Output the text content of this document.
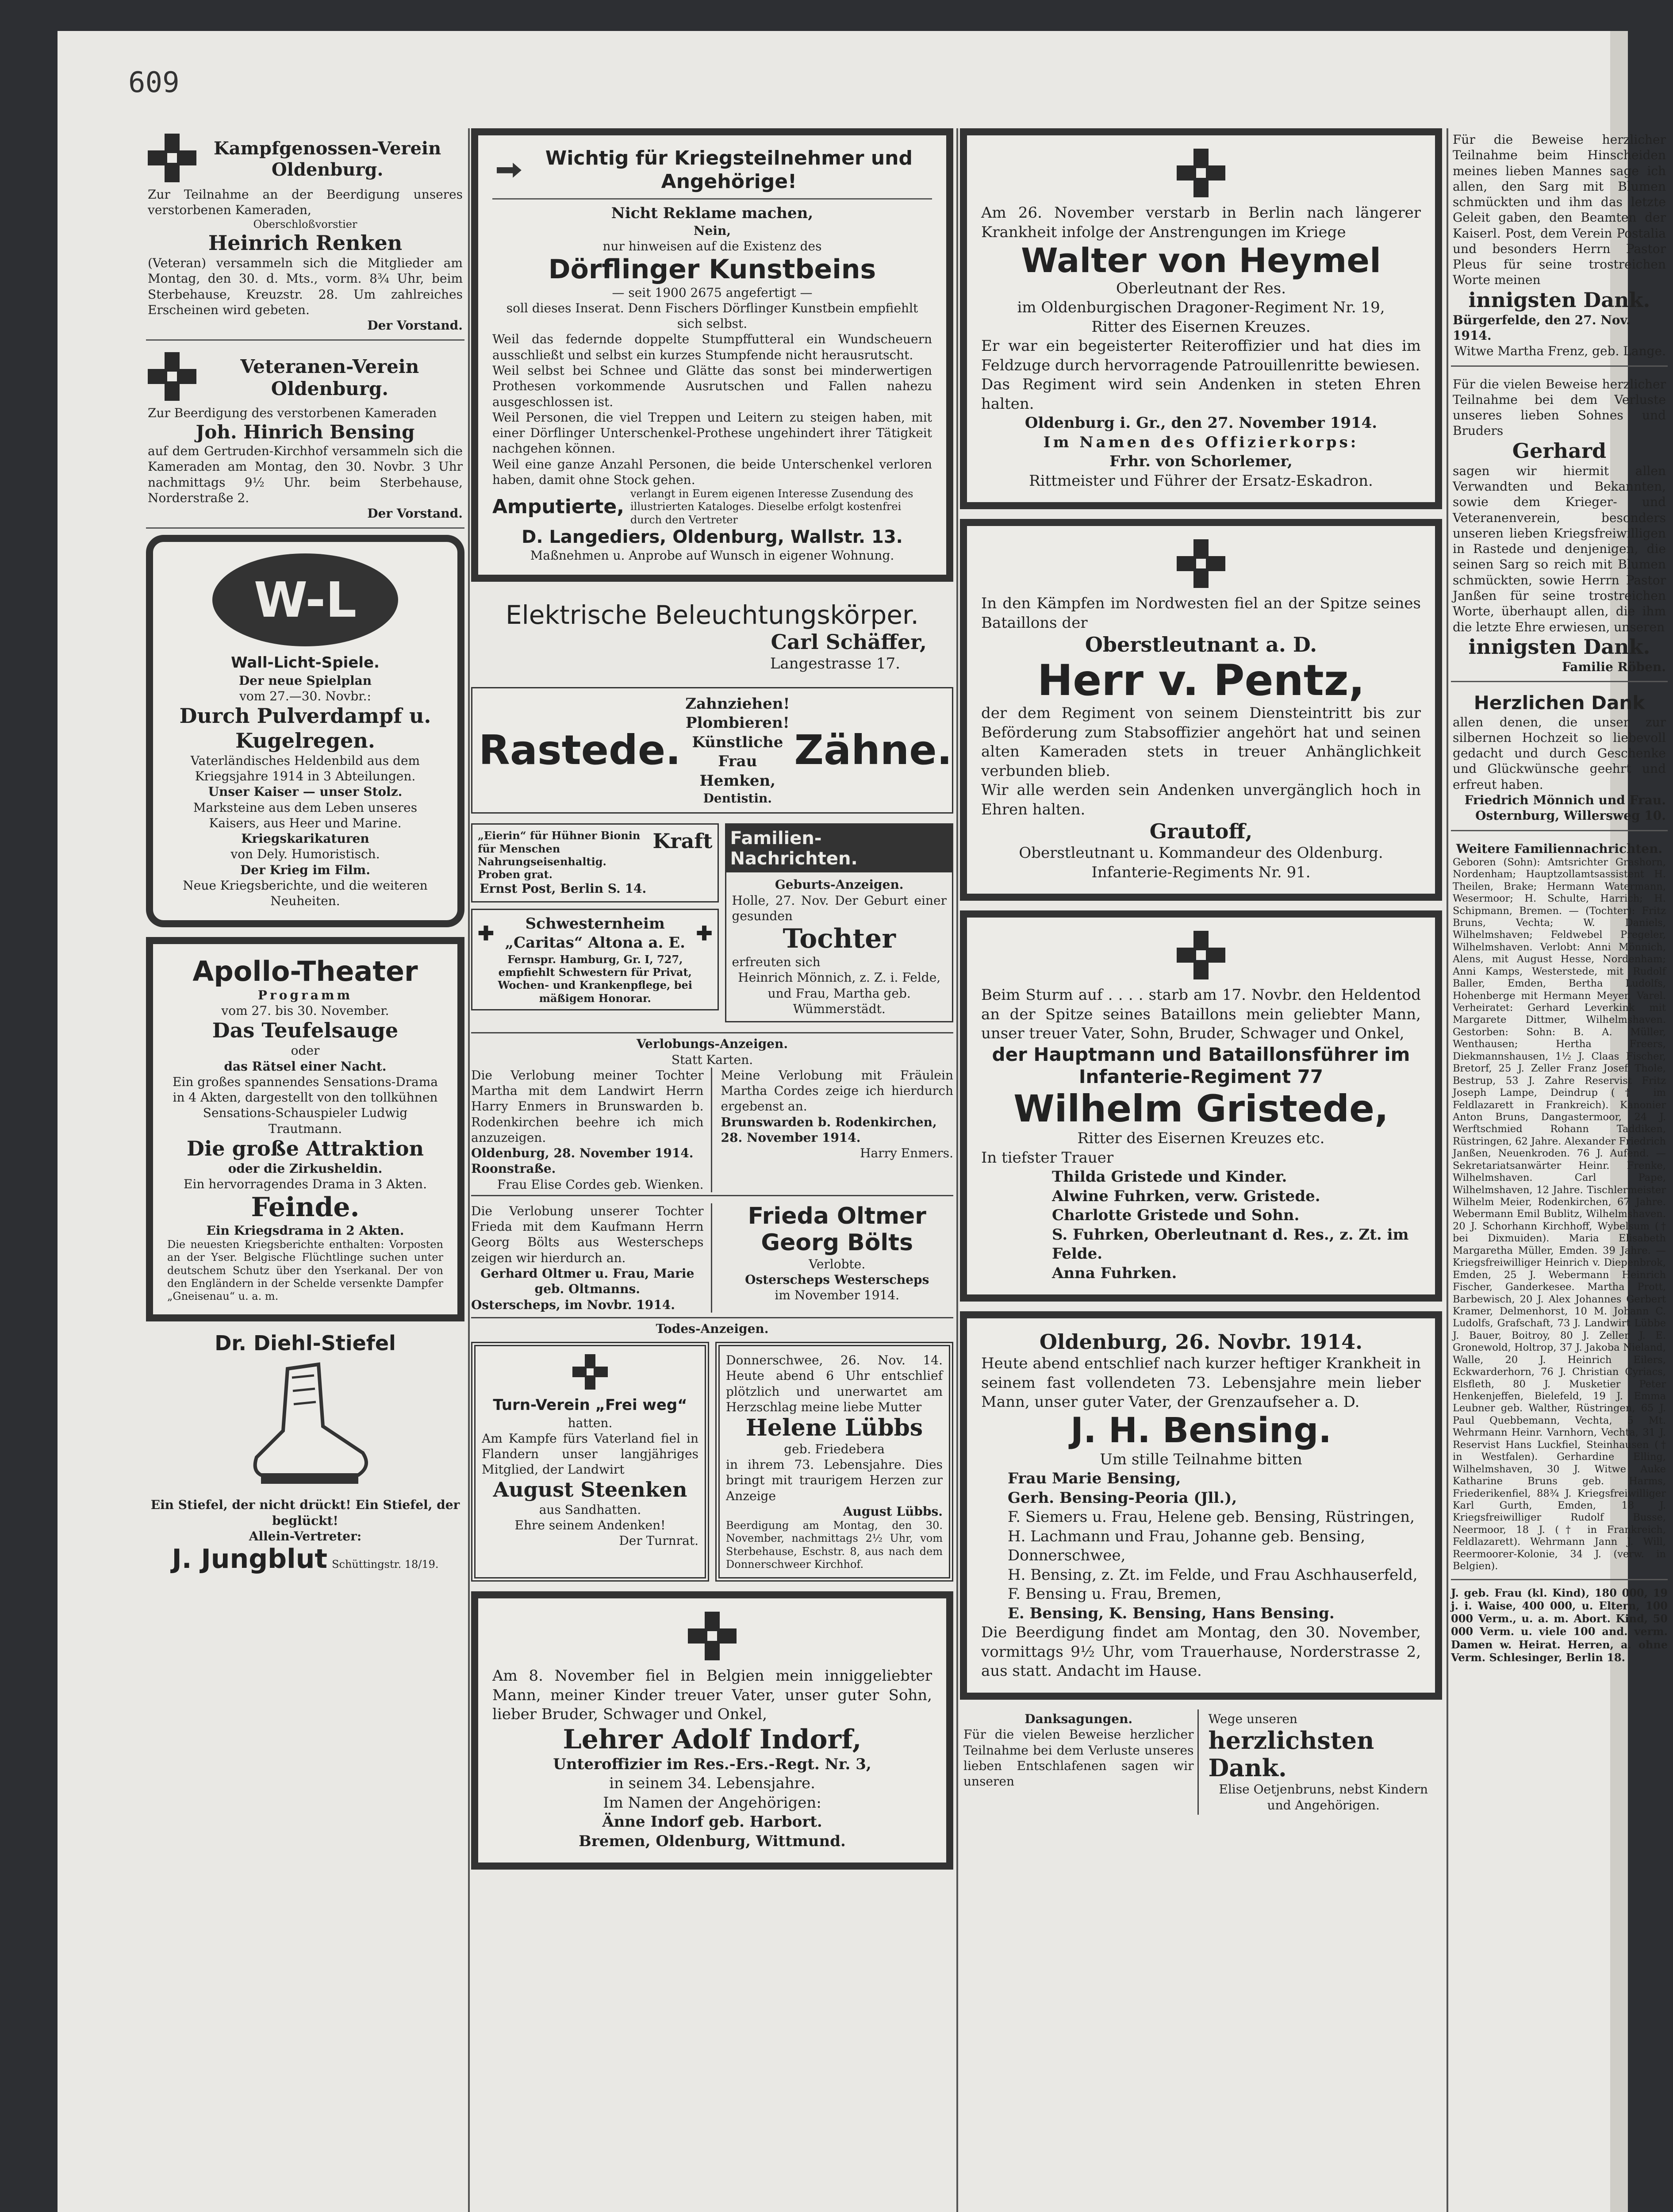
609
Kampfgenossen-Verein Oldenburg.
Zur Teilnahme an der Beerdigung unseres verstorbenen Kameraden,
Oberschloßvorstier
Heinrich Renken
(Veteran) versammeln sich die Mitglieder am Montag, den 30. d. Mts., vorm. 8¾ Uhr, beim Sterbehause, Kreuzstr. 28. Um zahlreiches Erscheinen wird gebeten.
Der Vorstand.
Veteranen-Verein Oldenburg.
Zur Beerdigung des verstorbenen Kameraden
Joh. Hinrich Bensing
auf dem Gertruden-Kirchhof versammeln sich die Kameraden am Montag, den 30. Novbr. 3 Uhr nachmittags 9½ Uhr. beim Sterbehause, Norderstraße 2.
Der Vorstand.
W-L
Wall-Licht-Spiele.
Der neue Spielplan
vom 27.—30. Novbr.:
Durch Pulverdampf u. Kugelregen.
Vaterländisches Heldenbild aus dem Kriegsjahre 1914 in 3 Abteilungen.
Unser Kaiser — unser Stolz.
Marksteine aus dem Leben unseres Kaisers, aus Heer und Marine.
Kriegskarikaturen
von Dely. Humoristisch.
Der Krieg im Film.
Neue Kriegsberichte, und die weiteren Neuheiten.
Apollo-Theater
Programm
vom 27. bis 30. November.
Das Teufelsauge
oder
das Rätsel einer Nacht.
Ein großes spannendes Sensations-Drama in 4 Akten, dargestellt von den tollkühnen Sensations-Schauspieler Ludwig Trautmann.
Die große Attraktion
oder die Zirkusheldin.
Ein hervorragendes Drama in 3 Akten.
Feinde.
Ein Kriegsdrama in 2 Akten.
Die neuesten Kriegsberichte enthalten: Vorposten an der Yser. Belgische Flüchtlinge suchen unter deutschem Schutz über den Yserkanal. Der von den Engländern in der Schelde versenkte Dampfer „Gneisenau“ u. a. m.
Dr. Diehl-Stiefel
Ein Stiefel, der nicht drückt! Ein Stiefel, der beglückt!
Allein-Vertreter:
J. Jungblut Schüttingstr. 18/19.
Wichtig für Kriegsteilnehmer und Angehörige!
Nicht Reklame machen,
Nein,
nur hinweisen auf die Existenz des
Dörflinger Kunstbeins
— seit 1900 2675 angefertigt —
soll dieses Inserat. Denn Fischers Dörflinger Kunstbein empfiehlt sich selbst.
Weil das federnde doppelte Stumpffutteral ein Wundscheuern ausschließt und selbst ein kurzes Stumpfende nicht herausrutscht.
Weil selbst bei Schnee und Glätte das sonst bei minderwertigen Prothesen vorkommende Ausrutschen und Fallen nahezu ausgeschlossen ist.
Weil Personen, die viel Treppen und Leitern zu steigen haben, mit einer Dörflinger Unterschenkel-Prothese ungehindert ihrer Tätigkeit nachgehen können.
Weil eine ganze Anzahl Personen, die beide Unterschenkel verloren haben, damit ohne Stock gehen.
Amputierte,
verlangt in Eurem eigenen Interesse Zusendung des illustrierten Kataloges. Dieselbe erfolgt kostenfrei durch den Vertreter
D. Langediers, Oldenburg, Wallstr. 13.
Maßnehmen u. Anprobe auf Wunsch in eigener Wohnung.
Elektrische Beleuchtungskörper.
Carl Schäffer,
Langestrasse 17.
Rastede.
Zahnziehen!
Plombieren!
Künstliche
Frau Hemken,
Dentistin.
Zähne.
„Eierin“ für Hühner Bionin für Menschen Nahrungseisenhaltig. Proben grat.
Ernst Post, Berlin S. 14.
Kraft
✚	Schwesternheim „Caritas“ Altona a. E. ✚
Fernspr. Hamburg, Gr. I, 727, empfiehlt Schwestern für Privat, Wochen- und Krankenpflege, bei mäßigem Honorar.
Familien-Nachrichten.
Geburts-Anzeigen.
Holle, 27. Nov. Der Geburt einer gesunden
Tochter
erfreuten sich
Heinrich Mönnich, z. Z. i. Felde, und Frau, Martha geb. Wümmerstädt.
Verlobungs-Anzeigen.
Statt Karten.
Die Verlobung meiner Tochter Martha mit dem Landwirt Herrn Harry Enmers in Brunswarden b. Rodenkirchen beehre ich mich anzuzeigen.
Oldenburg, 28. November 1914. Roonstraße.
Frau Elise Cordes geb. Wienken.
Meine Verlobung mit Fräulein Martha Cordes zeige ich hierdurch ergebenst an.
Brunswarden b. Rodenkirchen, 28. November 1914.
Harry Enmers.
Die Verlobung unserer Tochter Frieda mit dem Kaufmann Herrn Georg Bölts aus Westerscheps zeigen wir hierdurch an.
Gerhard Oltmer u. Frau, Marie geb. Oltmanns.
Osterscheps, im Novbr. 1914.
Frieda Oltmer Georg Bölts
Verlobte.
Osterscheps Westerscheps
im November 1914.
Todes-Anzeigen.
Turn-Verein „Frei weg“
hatten.
Am Kampfe fürs Vaterland fiel in Flandern unser langjähriges Mitglied, der Landwirt
August Steenken
aus Sandhatten.
Ehre seinem Andenken!
Der Turnrat.
Donnerschwee, 26. Nov. 14. Heute abend 6 Uhr entschlief plötzlich und unerwartet am Herzschlag meine liebe Mutter
Helene Lübbs
geb. Friedebera
in ihrem 73. Lebensjahre. Dies bringt mit traurigem Herzen zur Anzeige
August Lübbs.
Beerdigung am Montag, den 30. November, nachmittags 2½ Uhr, vom Sterbehause, Eschstr. 8, aus nach dem Donnerschweer Kirchhof.
Am 8. November fiel in Belgien mein inniggeliebter Mann, meiner Kinder treuer Vater, unser guter Sohn, lieber Bruder, Schwager und Onkel,
Lehrer Adolf Indorf,
Unteroffizier im Res.-Ers.-Regt. Nr. 3,
in seinem 34. Lebensjahre.
Im Namen der Angehörigen:
Änne Indorf geb. Harbort.
Bremen, Oldenburg, Wittmund.
Am 26. November verstarb in Berlin nach längerer Krankheit infolge der Anstrengungen im Kriege
Walter von Heymel
Oberleutnant der Res.
im Oldenburgischen Dragoner-Regiment Nr. 19,
Ritter des Eisernen Kreuzes.
Er war ein begeisterter Reiteroffizier und hat dies im Feldzuge durch hervorragende Patrouillenritte bewiesen.
Das Regiment wird sein Andenken in steten Ehren halten.
Oldenburg i. Gr., den 27. November 1914.
Im Namen des Offizierkorps:
Frhr. von Schorlemer,
Rittmeister und Führer der Ersatz-Eskadron.
In den Kämpfen im Nordwesten fiel an der Spitze seines Bataillons der
Oberstleutnant a. D.
Herr v. Pentz,
der dem Regiment von seinem Diensteintritt bis zur Beförderung zum Stabsoffizier angehört hat und seinen alten Kameraden stets in treuer Anhänglichkeit verbunden blieb.
Wir alle werden sein Andenken unvergänglich hoch in Ehren halten.
Grautoff,
Oberstleutnant u. Kommandeur des Oldenburg. Infanterie-Regiments Nr. 91.
Beim Sturm auf . . . . starb am 17. Novbr. den Heldentod an der Spitze seines Bataillons mein geliebter Mann, unser treuer Vater, Sohn, Bruder, Schwager und Onkel,
der Hauptmann und Bataillonsführer im Infanterie-Regiment 77
Wilhelm Gristede,
Ritter des Eisernen Kreuzes etc.
In tiefster Trauer
Thilda Gristede und Kinder.
Alwine Fuhrken, verw. Gristede.
Charlotte Gristede und Sohn.
S. Fuhrken, Oberleutnant d. Res., z. Zt. im Felde.
Anna Fuhrken.
Oldenburg, 26. Novbr. 1914.
Heute abend entschlief nach kurzer heftiger Krankheit in seinem fast vollendeten 73. Lebensjahre mein lieber Mann, unser guter Vater, der Grenzaufseher a. D.
J. H. Bensing.
Um stille Teilnahme bitten
Frau Marie Bensing,
Gerh. Bensing-Peoria (Jll.),
F. Siemers u. Frau, Helene geb. Bensing, Rüstringen,
H. Lachmann und Frau, Johanne geb. Bensing, Donnerschwee,
H. Bensing, z. Zt. im Felde, und Frau Aschhauserfeld,
F. Bensing u. Frau, Bremen,
E. Bensing, K. Bensing, Hans Bensing.
Die Beerdigung findet am Montag, den 30. November, vormittags 9½ Uhr, vom Trauerhause, Norderstrasse 2, aus statt. Andacht im Hause.
Danksagungen.
Für die vielen Beweise herzlicher Teilnahme bei dem Verluste unseres lieben Entschlafenen sagen wir unseren
Wege unseren
herzlichsten Dank.
Elise Oetjenbruns, nebst Kindern und Angehörigen.
Für die Beweise herzlicher Teilnahme beim Hinscheiden meines lieben Mannes sage ich allen, den Sarg mit Blumen schmückten und ihm das letzte Geleit gaben, den Beamten der Kaiserl. Post, dem Verein Postalia und besonders Herrn Pastor Pleus für seine trostreichen Worte meinen
innigsten Dank.
Bürgerfelde, den 27. Nov. 1914.
Witwe Martha Frenz, geb. Lange.
Für die vielen Beweise herzlicher Teilnahme bei dem Verluste unseres lieben Sohnes und Bruders
Gerhard
sagen wir hiermit allen Verwandten und Bekannten, sowie dem Krieger- und Veteranenverein, besonders unseren lieben Kriegsfreiwilligen in Rastede und denjenigen, die seinen Sarg so reich mit Blumen schmückten, sowie Herrn Pastor Janßen für seine trostreichen Worte, überhaupt allen, die ihm die letzte Ehre erwiesen, unseren
innigsten Dank.
Familie Röben.
Herzlichen Dank
allen denen, die unser zur silbernen Hochzeit so liebevoll gedacht und durch Geschenke und Glückwünsche geehrt und erfreut haben.
Friedrich Mönnich und Frau. Osternburg, Willersweg 10.
Weitere Familiennachrichten.
Geboren (Sohn): Amtsrichter Grashorn, Nordenham; Hauptzollamtsassistent H. Theilen, Brake; Hermann Watermann, Wesermoor; H. Schulte, Harrich; H. Schipmann, Bremen. — (Tochter): Fritz Bruns, Vechta; W. Daniels, Wilhelmshaven; Feldwebel Pregeler, Wilhelmshaven. Verlobt: Anni Mönnich, Alens, mit August Hesse, Nordenham; Anni Kamps, Westerstede, mit Rudolf Baller, Emden, Bertha Ludolfs, Hohenberge mit Hermann Meyer, Varel. Verheiratet: Gerhard Leverkink mit Margarete Dittmer, Wilhelmshaven. Gestorben: Sohn: B. A. Müller, Wenthausen; Hertha Freers, Diekmannshausen, 1½ J. Claas Fischer, Bretorf, 25 J. Zeller Franz Josef Thole, Bestrup, 53 J. Zahre Reservist Fritz Joseph Lampe, Deindrup († im Feldlazarett in Frankreich). Kanonier Anton Bruns, Dangastermoor, 24 J. Werftschmied Rohann Taddiken, Rüstringen, 62 Jahre. Alexander Friedrich Janßen, Neuenkroden. 76 J. Aufend. — Sekretariatsanwärter Heinr. Frenke, Wilhelmshaven. Carl Pape, Wilhelmshaven, 12 Jahre. Tischlermeister Wilhelm Meier, Rodenkirchen, 67 Jahre. Webermann Emil Bublitz, Wilhelmshaven. 20 J. Schorhann Kirchhoff, Wybelsum († bei Dixmuiden). Maria Elisabeth Margaretha Müller, Emden. 39 Jahre. — Kriegsfreiwilliger Heinrich v. Diepenbrok, Emden, 25 J. Webermann Heinrich Fischer, Ganderkesee. Martha Prott, Barbewisch, 20 J. Alex Johannes Gerbert Kramer, Delmenhorst, 10 M. Johann C. Ludolfs, Grafschaft, 73 J. Landwirt Lübbe J. Bauer, Boitroy, 80 J. Zeller J. E. Gronewold, Holtrop, 37 J. Jakoba Nieland, Walle, 20 J. Heinrich Eilers, Eckwarderhorn, 76 J. Christian Cyriacs, Elsfleth, 80 J. Musketier Peter Henkenjeffen, Bielefeld, 19 J. Emma Leubner geb. Walther, Rüstringen, 65 J. Paul Quebbemann, Vechta, 5 Mt. Wehrmann Heinr. Varnhorn, Vechta, 31 J. Reservist Hans Luckfiel, Steinhausen († in Westfalen). Gerhardine Elling, Wilhelmshaven, 30 J. Witwe Auke Katharine Bruns geb. Harms, Friederikenfiel, 88¾ J. Kriegsfreiwilliger Karl Gurth, Emden, 18 J. Kriegsfreiwilliger Rudolf Busse, Neermoor, 18 J. († in Frankreich, Feldlazarett). Wehrmann Jann J. Will, Reermoorer-Kolonie, 34 J. (verw. in Belgien).
J. geb. Frau (kl. Kind), 180 000, 19 j. i. Waise, 400 000, u. Eltern, 100 000 Verm., u. a. m. Abort. Kind, 50 000 Verm. u. viele 100 and. verm. Damen w. Heirat. Herren, a. ohne Verm. Schlesinger, Berlin 18.
